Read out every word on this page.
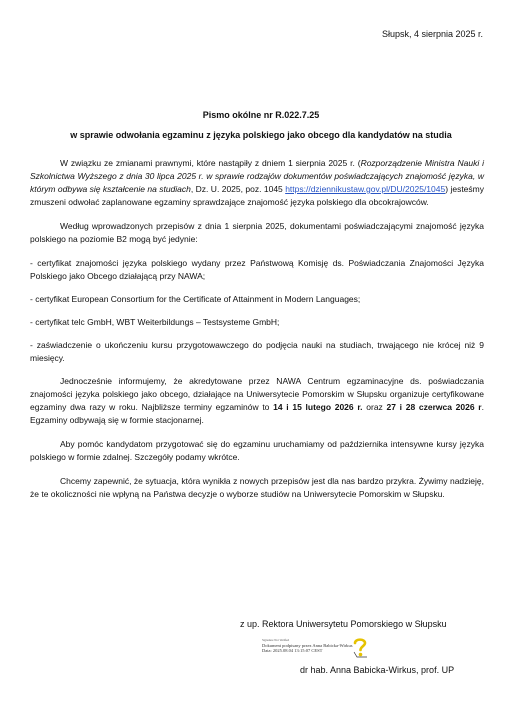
Słupsk, 4 sierpnia 2025 r.
Pismo okólne nr R.022.7.25
w sprawie odwołania egzaminu z języka polskiego jako obcego dla kandydatów na studia

W związku ze zmianami prawnymi, które nastąpiły z dniem 1 sierpnia 2025 r. (Rozporządzenie Ministra Nauki i Szkolnictwa Wyższego z dnia 30 lipca 2025 r. w sprawie rodzajów dokumentów poświadczających znajomość języka, w którym odbywa się kształcenie na studiach, Dz. U. 2025, poz. 1045 https://dziennikustaw.gov.pl/DU/2025/1045) jesteśmy zmuszeni odwołać zaplanowane egzaminy sprawdzające znajomość języka polskiego dla obcokrajowców.

Według wprowadzonych przepisów z dnia 1 sierpnia 2025, dokumentami poświadczającymi znajomość języka polskiego na poziomie B2 mogą być jedynie:

- certyfikat znajomości języka polskiego wydany przez Państwową Komisję ds. Poświadczania Znajomości Języka Polskiego jako Obcego działającą przy NAWA;

- certyfikat European Consortium for the Certificate of Attainment in Modern Languages;

- certyfikat telc GmbH, WBT Weiterbildungs – Testsysteme GmbH;

- zaświadczenie o ukończeniu kursu przygotowawczego do podjęcia nauki na studiach, trwającego nie krócej niż 9 miesięcy.

Jednocześnie informujemy, że akredytowane przez NAWA Centrum egzaminacyjne ds. poświadczania znajomości języka polskiego jako obcego, działające na Uniwersytecie Pomorskim w Słupsku organizuje certyfikowane egzaminy dwa razy w roku. Najbliższe terminy egzaminów to 14 i 15 lutego 2026 r. oraz 27 i 28 czerwca 2026 r. Egzaminy odbywają się w formie stacjonarnej.

Aby pomóc kandydatom przygotować się do egzaminu uruchamiamy od października intensywne kursy języka polskiego w formie zdalnej. Szczegóły podamy wkrótce.

Chcemy zapewnić, że sytuacja, która wynikła z nowych przepisów jest dla nas bardzo przykra. Żywimy nadzieję, że te okoliczności nie wpłyną na Państwa decyzje o wyborze studiów na Uniwersytecie Pomorskim w Słupsku.

z up. Rektora Uniwersytetu Pomorskiego w Słupsku
Signature Not Verified
Dokument podpisany przez Anna Babicka-Wirkus
Data: 2025.08.04 13:15:07 CEST
dr hab. Anna Babicka-Wirkus, prof. UP
